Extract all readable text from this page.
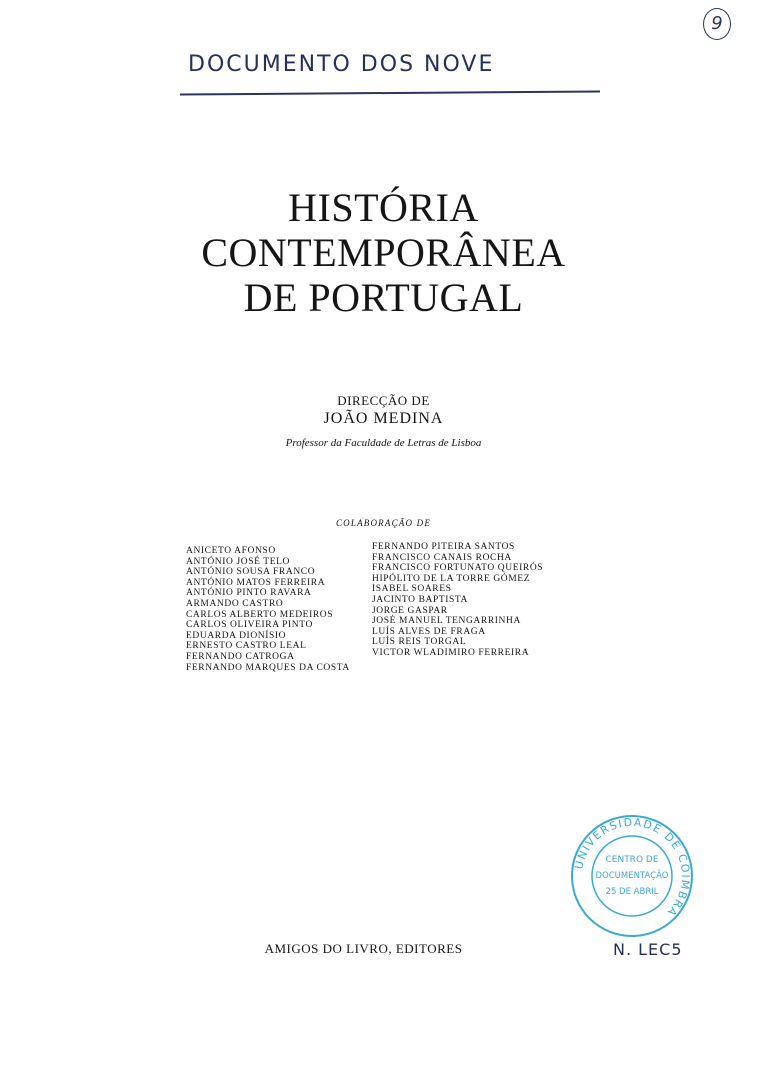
9
DOCUMENTO DOS NOVE
HISTÓRIA
CONTEMPORÂNEA
DE PORTUGAL
DIRECÇÃO DE
JOÃO MEDINA
Professor da Faculdade de Letras de Lisboa
COLABORAÇÃO DE
ANICETO AFONSO
ANTÓNIO JOSÉ TELO
ANTÓNIO SOUSA FRANCO
ANTÓNIO MATOS FERREIRA
ANTÓNIO PINTO RAVARA
ARMANDO CASTRO
CARLOS ALBERTO MEDEIROS
CARLOS OLIVEIRA PINTO
EDUARDA DIONÍSIO
ERNESTO CASTRO LEAL
FERNANDO CATROGA
FERNANDO MARQUES DA COSTA
FERNANDO PITEIRA SANTOS
FRANCISCO CANAIS ROCHA
FRANCISCO FORTUNATO QUEIRÓS
HIPÓLITO DE LA TORRE GÓMEZ
ISABEL SOARES
JACINTO BAPTISTA
JORGE GASPAR
JOSÉ MANUEL TENGARRINHA
LUÍS ALVES DE FRAGA
LUÍS REIS TORGAL
VICTOR WLADIMIRO FERREIRA
AMIGOS DO LIVRO, EDITORES
UNIVERSIDADE DE COIMBRA
CENTRO DE
DOCUMENTAÇÃO
25 DE ABRIL
N. LEC5
